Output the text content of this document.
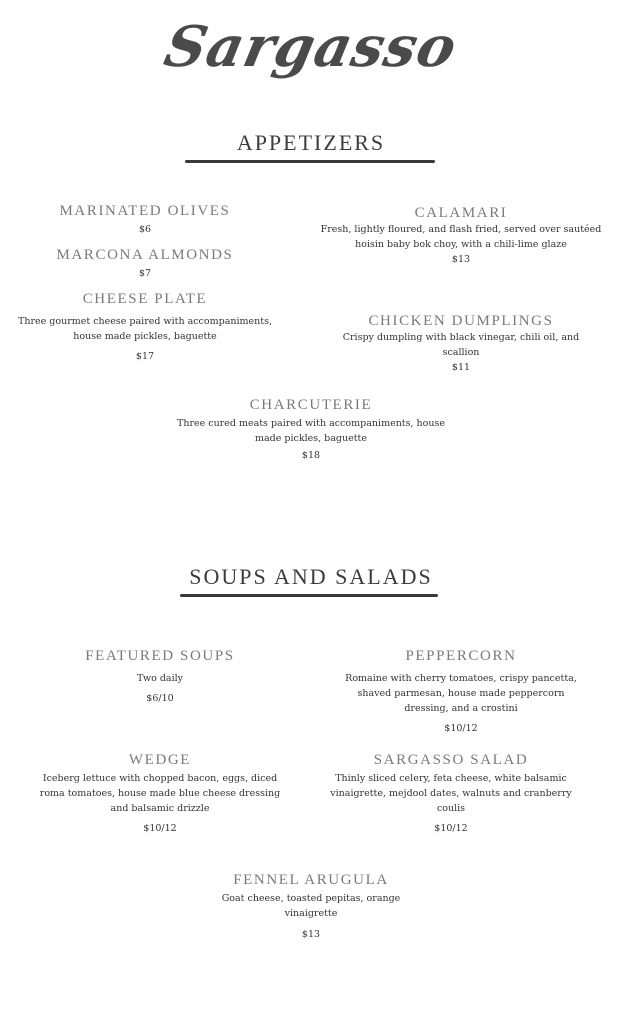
Sargasso
APPETIZERS
MARINATED OLIVES
$6
MARCONA ALMONDS
$7
CHEESE PLATE
Three gourmet cheese paired with accompaniments, house made pickles, baguette
$17
CALAMARI
Fresh, lightly floured, and flash fried, served over sautéed hoisin baby bok choy, with a chili-lime glaze
$13
CHICKEN DUMPLINGS
Crispy dumpling with black vinegar, chili oil, and scallion
$11
CHARCUTERIE
Three cured meats paired with accompaniments, house made pickles, baguette
$18
SOUPS AND SALADS
FEATURED SOUPS
Two daily
$6/10
PEPPERCORN
Romaine with cherry tomatoes, crispy pancetta, shaved parmesan, house made peppercorn dressing, and a crostini
$10/12
WEDGE
Iceberg lettuce with chopped bacon, eggs, diced roma tomatoes, house made blue cheese dressing and balsamic drizzle
$10/12
SARGASSO SALAD
Thinly sliced celery, feta cheese, white balsamic vinaigrette, mejdool dates, walnuts and cranberry coulis
$10/12
FENNEL ARUGULA
Goat cheese, toasted pepitas, orange vinaigrette
$13
